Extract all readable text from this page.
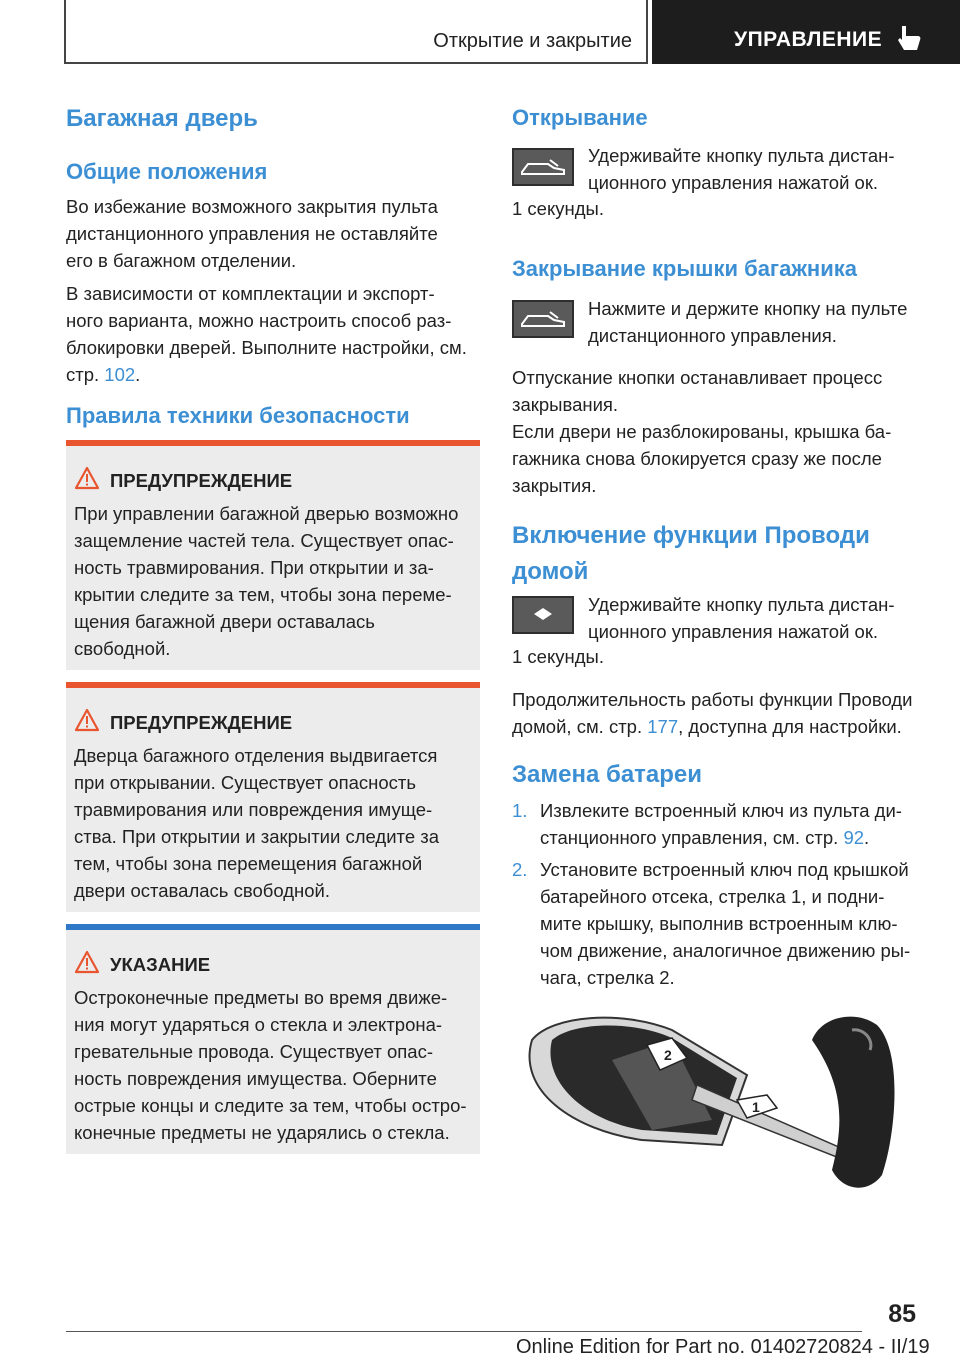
Открытие и закрытие	УПРАВЛЕНИЕ
Багажная дверь
Общие положения
Во избежание возможного закрытия пульта
дистанционного управления не оставляйте
его в багажном отделении.
В зависимости от комплектации и экспорт-
ного варианта, можно настроить способ раз-
блокировки дверей. Выполните настройки, см.
стр. 102.
Правила техники безопасности
ПРЕДУПРЕЖДЕНИЕ
При управлении багажной дверью возможно
защемление частей тела. Существует опас-
ность травмирования. При открытии и за-
крытии следите за тем, чтобы зона переме-
щения багажной двери оставалась
свободной.
ПРЕДУПРЕЖДЕНИЕ
Дверца багажного отделения выдвигается
при открывании. Существует опасность
травмирования или повреждения имуще-
ства. При открытии и закрытии следите за
тем, чтобы зона перемещения багажной
двери оставалась свободной.
УКАЗАНИЕ
Остроконечные предметы во время движе-
ния могут ударяться о стекла и электрона-
гревательные провода. Существует опас-
ность повреждения имущества. Оберните
острые концы и следите за тем, чтобы остро-
конечные предметы не ударялись о стекла.
Открывание
Удерживайте кнопку пульта дистан-
ционного управления нажатой ок.
1 секунды.
Закрывание крышки багажника
Нажмите и держите кнопку на пульте
дистанционного управления.
Отпускание кнопки останавливает процесс
закрывания.
Если двери не разблокированы, крышка ба-
гажника снова блокируется сразу же после
закрытия.
Включение функции Проводи
домой
Удерживайте кнопку пульта дистан-
ционного управления нажатой ок.
1 секунды.
Продолжительность работы функции Проводи
домой, см. стр. 177, доступна для настройки.
Замена батареи
1. Извлеките встроенный ключ из пульта ди-
станционного управления, см. стр. 92.
2. Установите встроенный ключ под крышкой
батарейного отсека, стрелка 1, и подни-
мите крышку, выполнив встроенным клю-
чом движение, аналогичное движению ры-
чага, стрелка 2.
2
1
85
Online Edition for Part no. 01402720824 - II/19
